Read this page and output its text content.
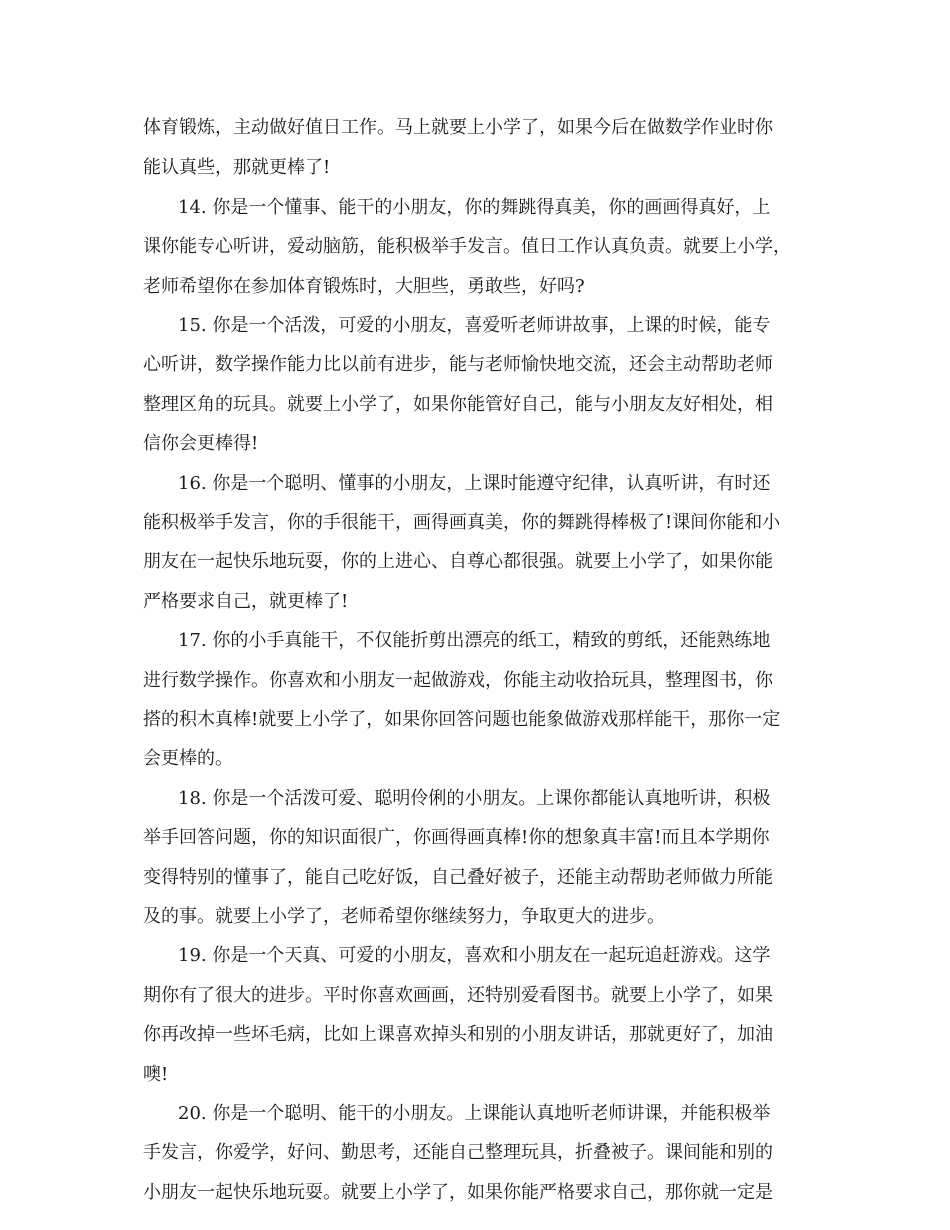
体育锻炼，主动做好值日工作。马上就要上小学了，如果今后在做数学作业时你
能认真些，那就更棒了!
14. 你是一个懂事、能干的小朋友，你的舞跳得真美，你的画画得真好，上
课你能专心听讲，爱动脑筋，能积极举手发言。值日工作认真负责。就要上小学，
老师希望你在参加体育锻炼时，大胆些，勇敢些，好吗?
15. 你是一个活泼，可爱的小朋友，喜爱听老师讲故事，上课的时候，能专
心听讲，数学操作能力比以前有进步，能与老师愉快地交流，还会主动帮助老师
整理区角的玩具。就要上小学了，如果你能管好自己，能与小朋友友好相处，相
信你会更棒得!
16. 你是一个聪明、懂事的小朋友，上课时能遵守纪律，认真听讲，有时还
能积极举手发言，你的手很能干，画得画真美，你的舞跳得棒极了!课间你能和小
朋友在一起快乐地玩耍，你的上进心、自尊心都很强。就要上小学了，如果你能
严格要求自己，就更棒了!
17. 你的小手真能干，不仅能折剪出漂亮的纸工，精致的剪纸，还能熟练地
进行数学操作。你喜欢和小朋友一起做游戏，你能主动收拾玩具，整理图书，你
搭的积木真棒!就要上小学了，如果你回答问题也能象做游戏那样能干，那你一定
会更棒的。
18. 你是一个活泼可爱、聪明伶俐的小朋友。上课你都能认真地听讲，积极
举手回答问题，你的知识面很广，你画得画真棒!你的想象真丰富!而且本学期你
变得特别的懂事了，能自己吃好饭，自己叠好被子，还能主动帮助老师做力所能
及的事。就要上小学了，老师希望你继续努力，争取更大的进步。
19. 你是一个天真、可爱的小朋友，喜欢和小朋友在一起玩追赶游戏。这学
期你有了很大的进步。平时你喜欢画画，还特别爱看图书。就要上小学了，如果
你再改掉一些坏毛病，比如上课喜欢掉头和别的小朋友讲话，那就更好了，加油
噢!
20. 你是一个聪明、能干的小朋友。上课能认真地听老师讲课，并能积极举
手发言，你爱学，好问、勤思考，还能自己整理玩具，折叠被子。课间能和别的
小朋友一起快乐地玩耍。就要上小学了，如果你能严格要求自己，那你就一定是
